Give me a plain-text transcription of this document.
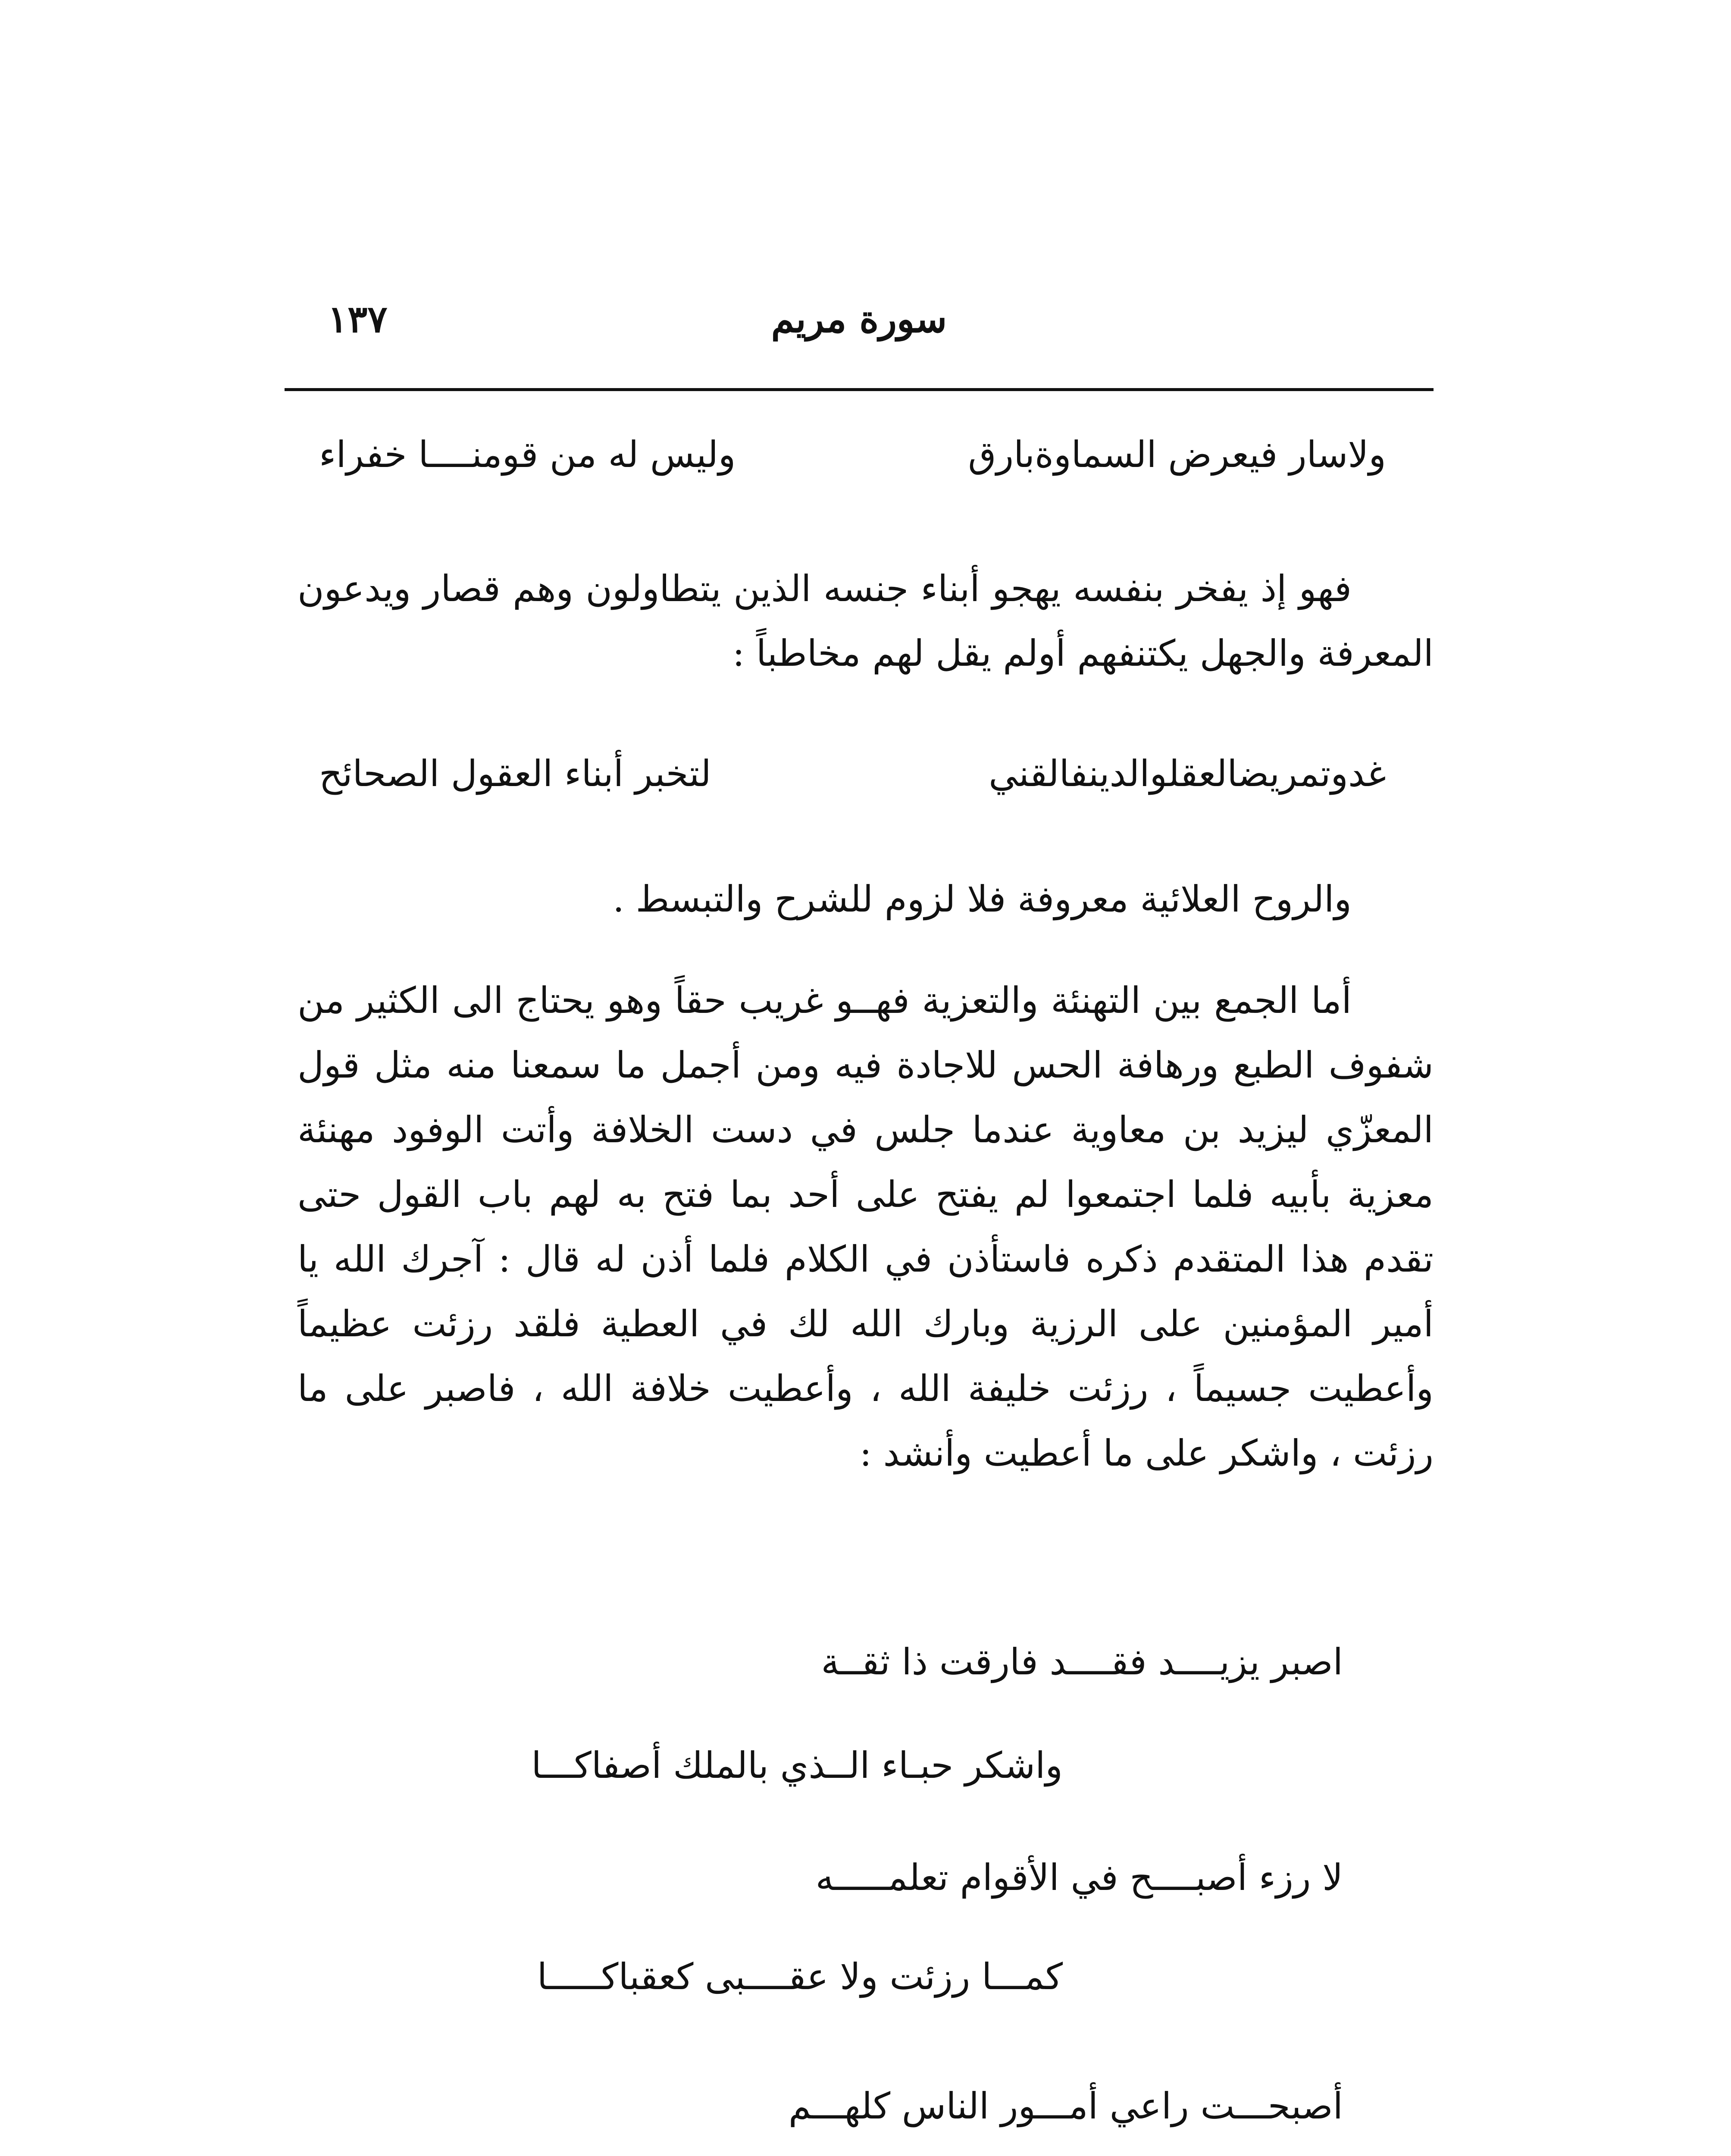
١٣٧	سورة مريم
ولاسار فيعرض السماوةبارق
وليس له من قومنــــا خفراء
فهو إذ يفخر بنفسه يهجو أبناء جنسه الذين يتطاولون وهم قصار ويدعون المعرفة والجهل يكتنفهم أولم يقل لهم مخاطباً :
غدوتمريضالعقلوالدينفالقني
لتخبر أبناء العقول الصحائح
والروح العلائية معروفة فلا لزوم للشرح والتبسط .
أما الجمع بين التهنئة والتعزية فهــو غريب حقاً وهو يحتاج الى الكثير من شفوف الطبع ورهافة الحس للاجادة فيه ومن أجمل ما سمعنا منه مثل قول المعزّي ليزيد بن معاوية عندما جلس في دست الخلافة وأتت الوفود مهنئة معزية بأبيه فلما اجتمعوا لم يفتح على أحد بما فتح به لهم باب القول حتى تقدم هذا المتقدم ذكره فاستأذن في الكلام فلما أذن له قال : آجرك الله يا أمير المؤمنين على الرزية وبارك الله لك في العطية فلقد رزئت عظيماً وأعطيت جسيماً ، رزئت خليفة الله ، وأعطيت خلافة الله ، فاصبر على ما رزئت ، واشكر على ما أعطيت وأنشد :
اصبر يزيــــد فقــــد فارقت ذا ثقــة
واشكر حبـاء الــذي بالملك أصفاكـــا
لا رزء أصبــــح في الأقوام تعلمـــــه
كمـــا رزئت ولا عقــــبى كعقباكـــــا
أصبحـــت راعي أمـــور الناس كلهـــم
